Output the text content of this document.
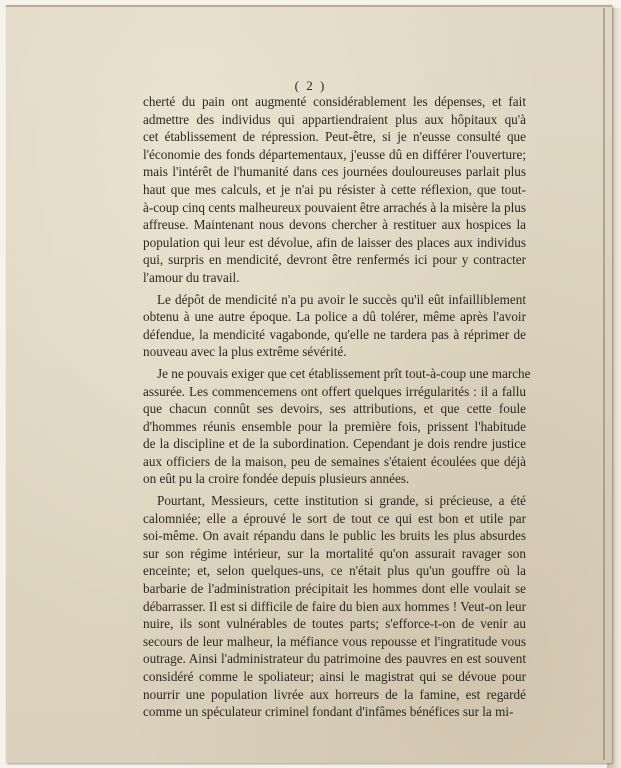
( 2 )
cherté du pain ont augmenté considérablement les dépenses, et fait
admettre des individus qui appartiendraient plus aux hôpitaux qu'à
cet établissement de répression. Peut-être, si je n'eusse consulté que
l'économie des fonds départementaux, j'eusse dû en différer l'ouverture;
mais l'intérêt de l'humanité dans ces journées douloureuses parlait plus
haut que mes calculs, et je n'ai pu résister à cette réflexion, que tout-
à-coup cinq cents malheureux pouvaient être arrachés à la misère la plus
affreuse. Maintenant nous devons chercher à restituer aux hospices la
population qui leur est dévolue, afin de laisser des places aux individus
qui, surpris en mendicité, devront être renfermés ici pour y contracter
l'amour du travail.
Le dépôt de mendicité n'a pu avoir le succès qu'il eût infailliblement
obtenu à une autre époque. La police a dû tolérer, même après l'avoir
défendue, la mendicité vagabonde, qu'elle ne tardera pas à réprimer de
nouveau avec la plus extrême sévérité.
Je ne pouvais exiger que cet établissement prît tout-à-coup une marche
assurée. Les commencemens ont offert quelques irrégularités : il a fallu
que chacun connût ses devoirs, ses attributions, et que cette foule
d'hommes réunis ensemble pour la première fois, prissent l'habitude
de la discipline et de la subordination. Cependant je dois rendre justice
aux officiers de la maison, peu de semaines s'étaient écoulées que déjà
on eût pu la croire fondée depuis plusieurs années.
Pourtant, Messieurs, cette institution si grande, si précieuse, a été
calomniée; elle a éprouvé le sort de tout ce qui est bon et utile par
soi-même. On avait répandu dans le public les bruits les plus absurdes
sur son régime intérieur, sur la mortalité qu'on assurait ravager son
enceinte; et, selon quelques-uns, ce n'était plus qu'un gouffre où la
barbarie de l'administration précipitait les hommes dont elle voulait se
débarrasser. Il est si difficile de faire du bien aux hommes ! Veut-on leur
nuire, ils sont vulnérables de toutes parts; s'efforce-t-on de venir au
secours de leur malheur, la méfiance vous repousse et l'ingratitude vous
outrage. Ainsi l'administrateur du patrimoine des pauvres en est souvent
considéré comme le spoliateur; ainsi le magistrat qui se dévoue pour
nourrir une population livrée aux horreurs de la famine, est regardé
comme un spéculateur criminel fondant d'infâmes bénéfices sur la mi-
